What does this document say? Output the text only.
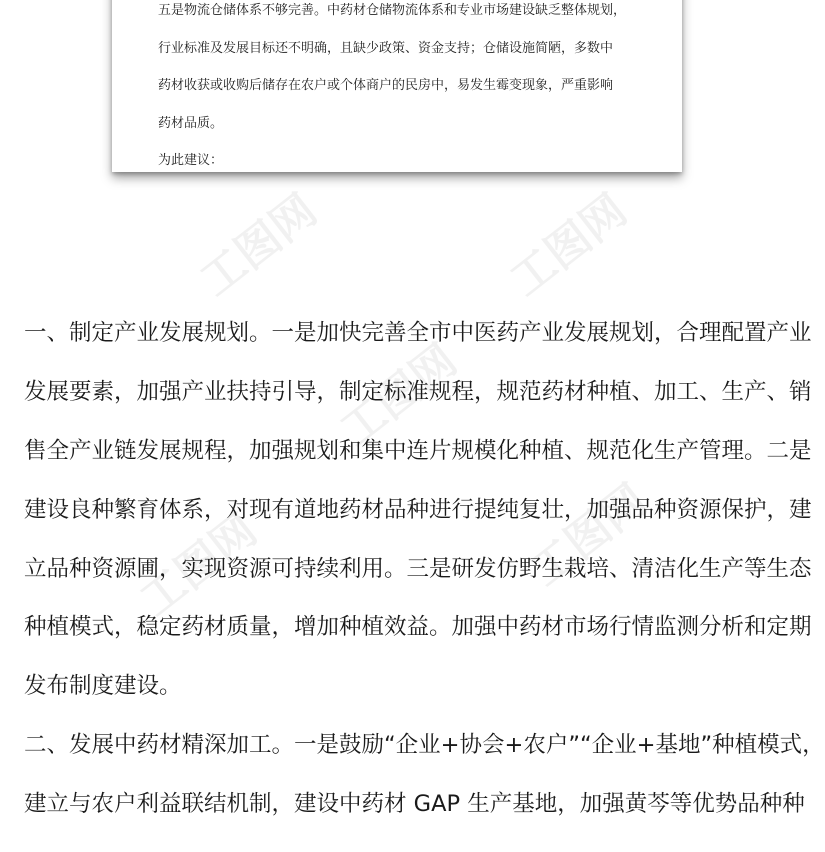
五是物流仓储体系不够完善。中药材仓储物流体系和专业市场建设缺乏整体规划，
行业标准及发展目标还不明确，且缺少政策、资金支持；仓储设施简陋，多数中
药材收获或收购后储存在农户或个体商户的民房中，易发生霉变现象，严重影响
药材品质。
为此建议：
工图网	工图网
工图网
工图网	工图网
一、制定产业发展规划。一是加快完善全市中医药产业发展规划，合理配置产业
发展要素，加强产业扶持引导，制定标准规程，规范药材种植、加工、生产、销
售全产业链发展规程，加强规划和集中连片规模化种植、规范化生产管理。二是
建设良种繁育体系，对现有道地药材品种进行提纯复壮，加强品种资源保护，建
立品种资源圃，实现资源可持续利用。三是研发仿野生栽培、清洁化生产等生态
种植模式，稳定药材质量，增加种植效益。加强中药材市场行情监测分析和定期
发布制度建设。
二、发展中药材精深加工。一是鼓励“企业+协会+农户”“企业+基地”种植模式，
建立与农户利益联结机制，建设中药材 GAP 生产基地，加强黄芩等优势品种种
